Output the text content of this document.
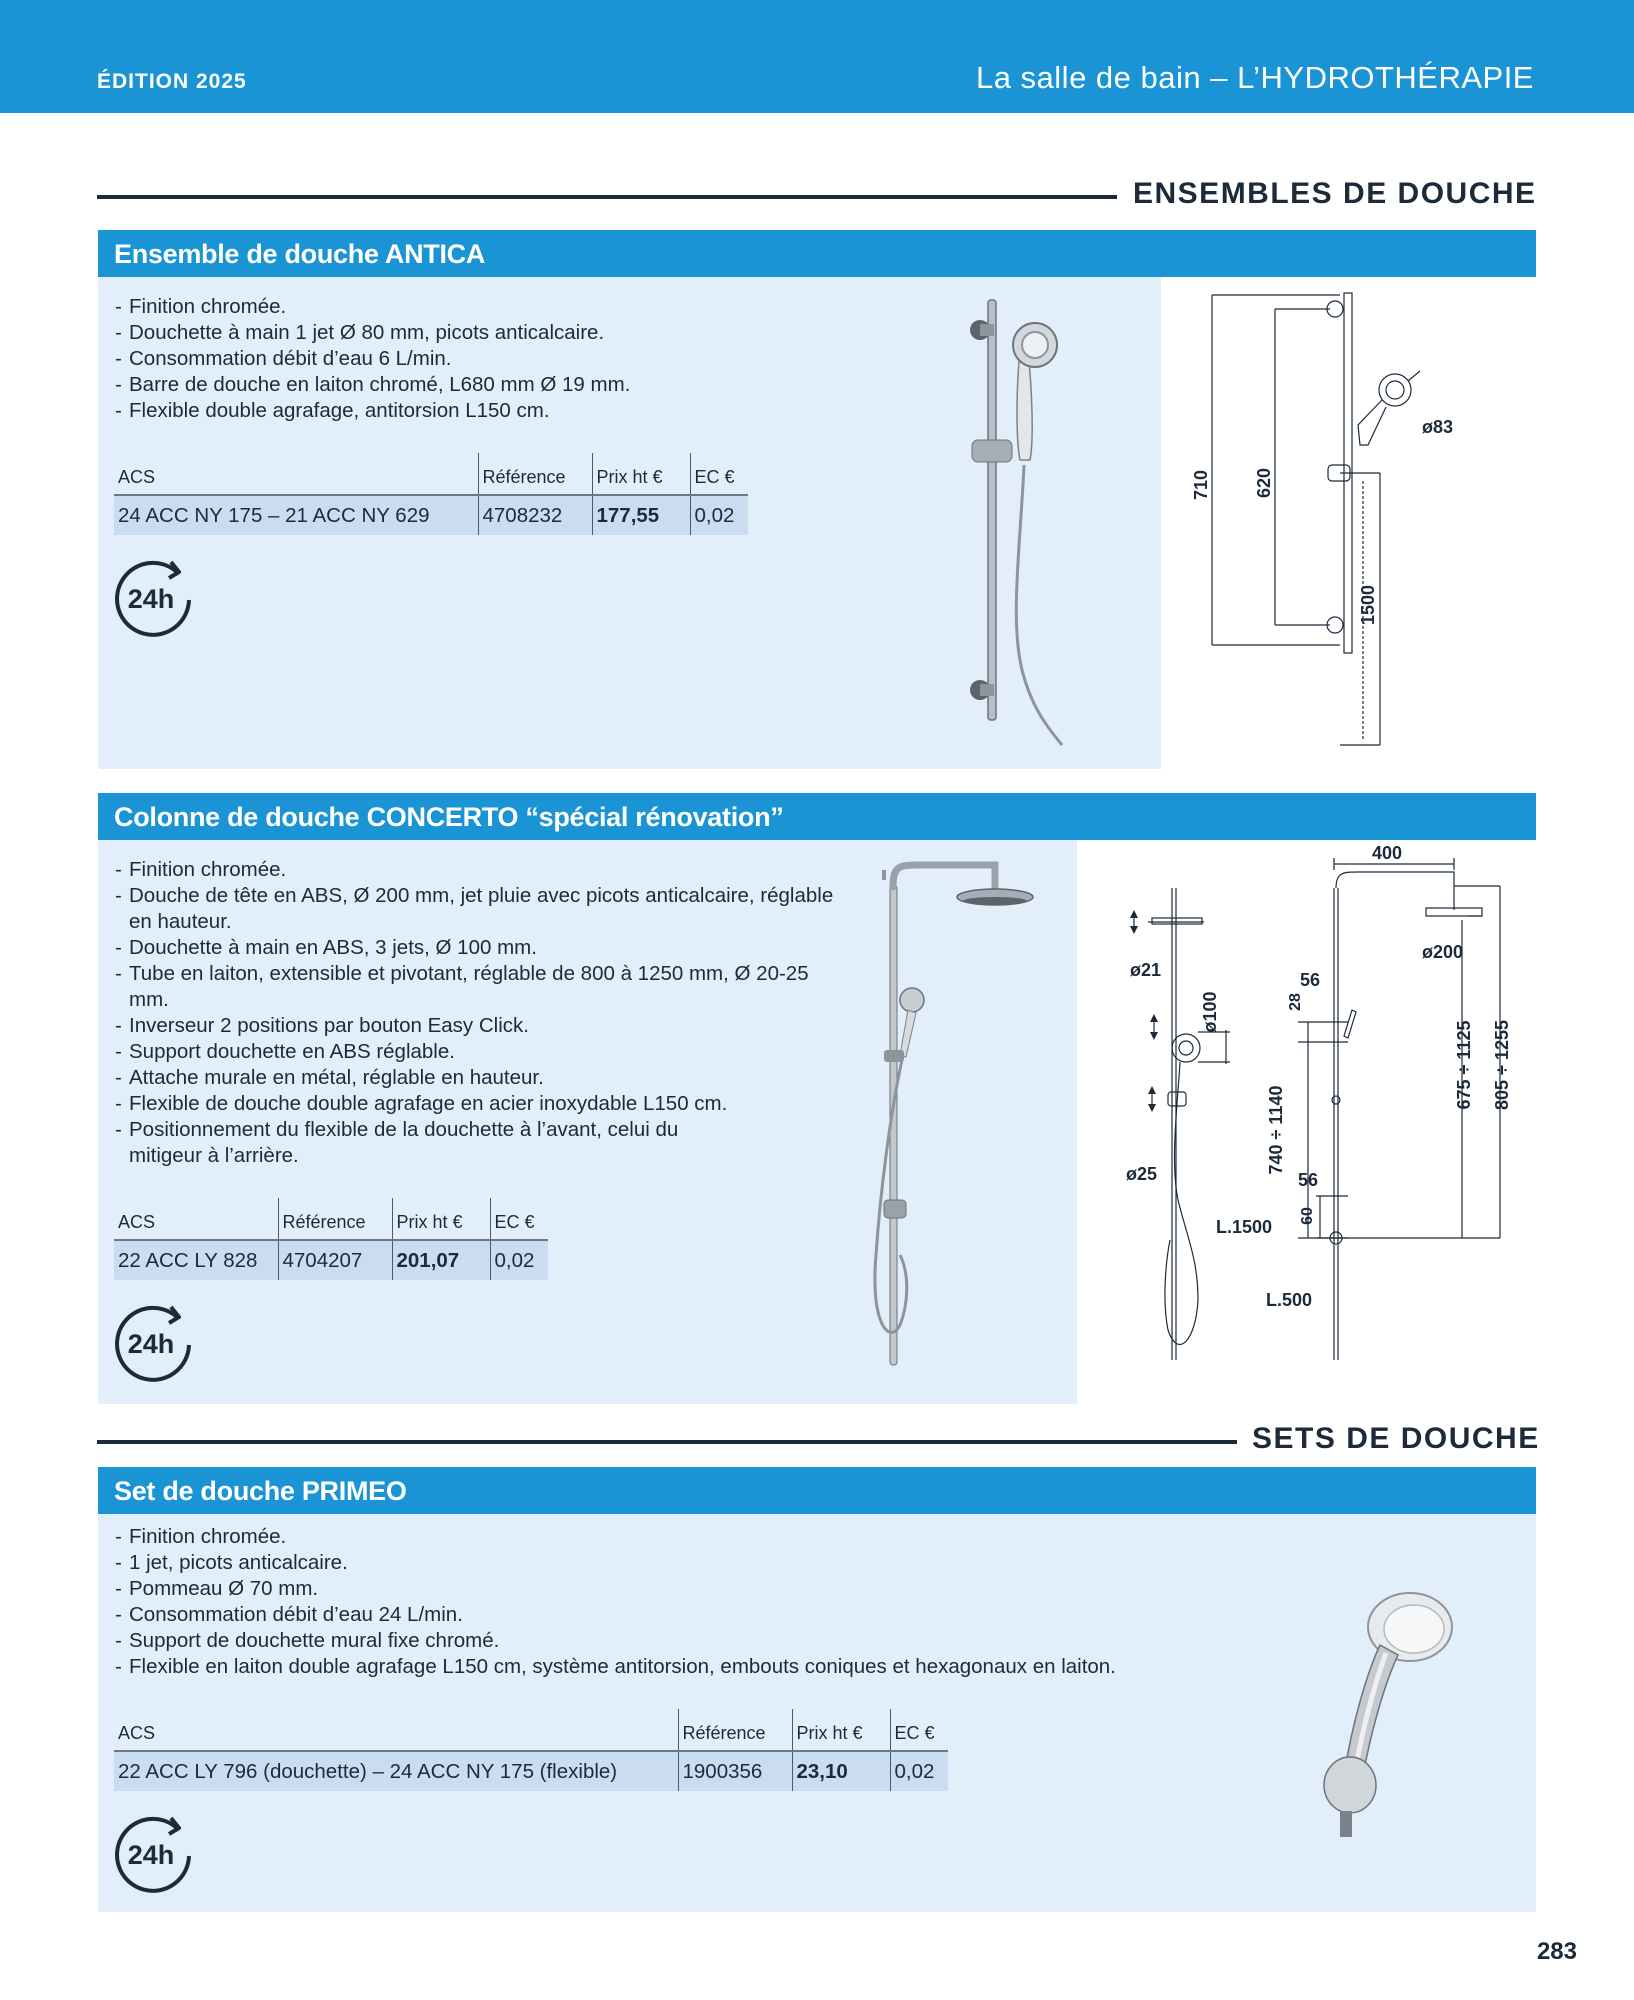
ÉDITION 2025	La salle de bain – L’HYDROTHÉRAPIE
ENSEMBLES DE DOUCHE
Ensemble de douche ANTICA
- Finition chromée.
- Douchette à main 1 jet Ø 80 mm, picots anticalcaire.
- Consommation débit d’eau 6 L/min.
- Barre de douche en laiton chromé, L680 mm Ø 19 mm.
- Flexible double agrafage, antitorsion L150 cm.
ACS	Référence	Prix ht €	EC €
24 ACC NY 175 – 21 ACC NY 629	4708232	177,55	0,02
24h
ø83
710 620
1500
Colonne de douche CONCERTO “spécial rénovation”
- Finition chromée.
- Douche de tête en ABS, Ø 200 mm, jet pluie avec picots anticalcaire, réglable en hauteur.
- Douchette à main en ABS, 3 jets, Ø 100 mm.
- Tube en laiton, extensible et pivotant, réglable de 800 à 1250 mm, Ø 20-25 mm.
- Inverseur 2 positions par bouton Easy Click.
- Support douchette en ABS réglable.
- Attache murale en métal, réglable en hauteur.
- Flexible de douche double agrafage en acier inoxydable L150 cm.
- Positionnement du flexible de la douchette à l’avant, celui du mitigeur à l’arrière.
ACS	Référence	Prix ht €	EC €
22 ACC LY 828	4704207	201,07	0,02
24h
400
ø200
ø21
ø100
ø25
56
28
56
60
740 ÷ 1140
675 ÷ 1125 805 ÷ 1255
L.1500
L.500
SETS DE DOUCHE
Set de douche PRIMEO
- Finition chromée.
- 1 jet, picots anticalcaire.
- Pommeau Ø 70 mm.
- Consommation débit d’eau 24 L/min.
- Support de douchette mural fixe chromé.
- Flexible en laiton double agrafage L150 cm, système antitorsion, embouts coniques et hexagonaux en laiton.
ACS	Référence	Prix ht €	EC €
22 ACC LY 796 (douchette) – 24 ACC NY 175 (flexible)	1900356	23,10	0,02
24h
283
